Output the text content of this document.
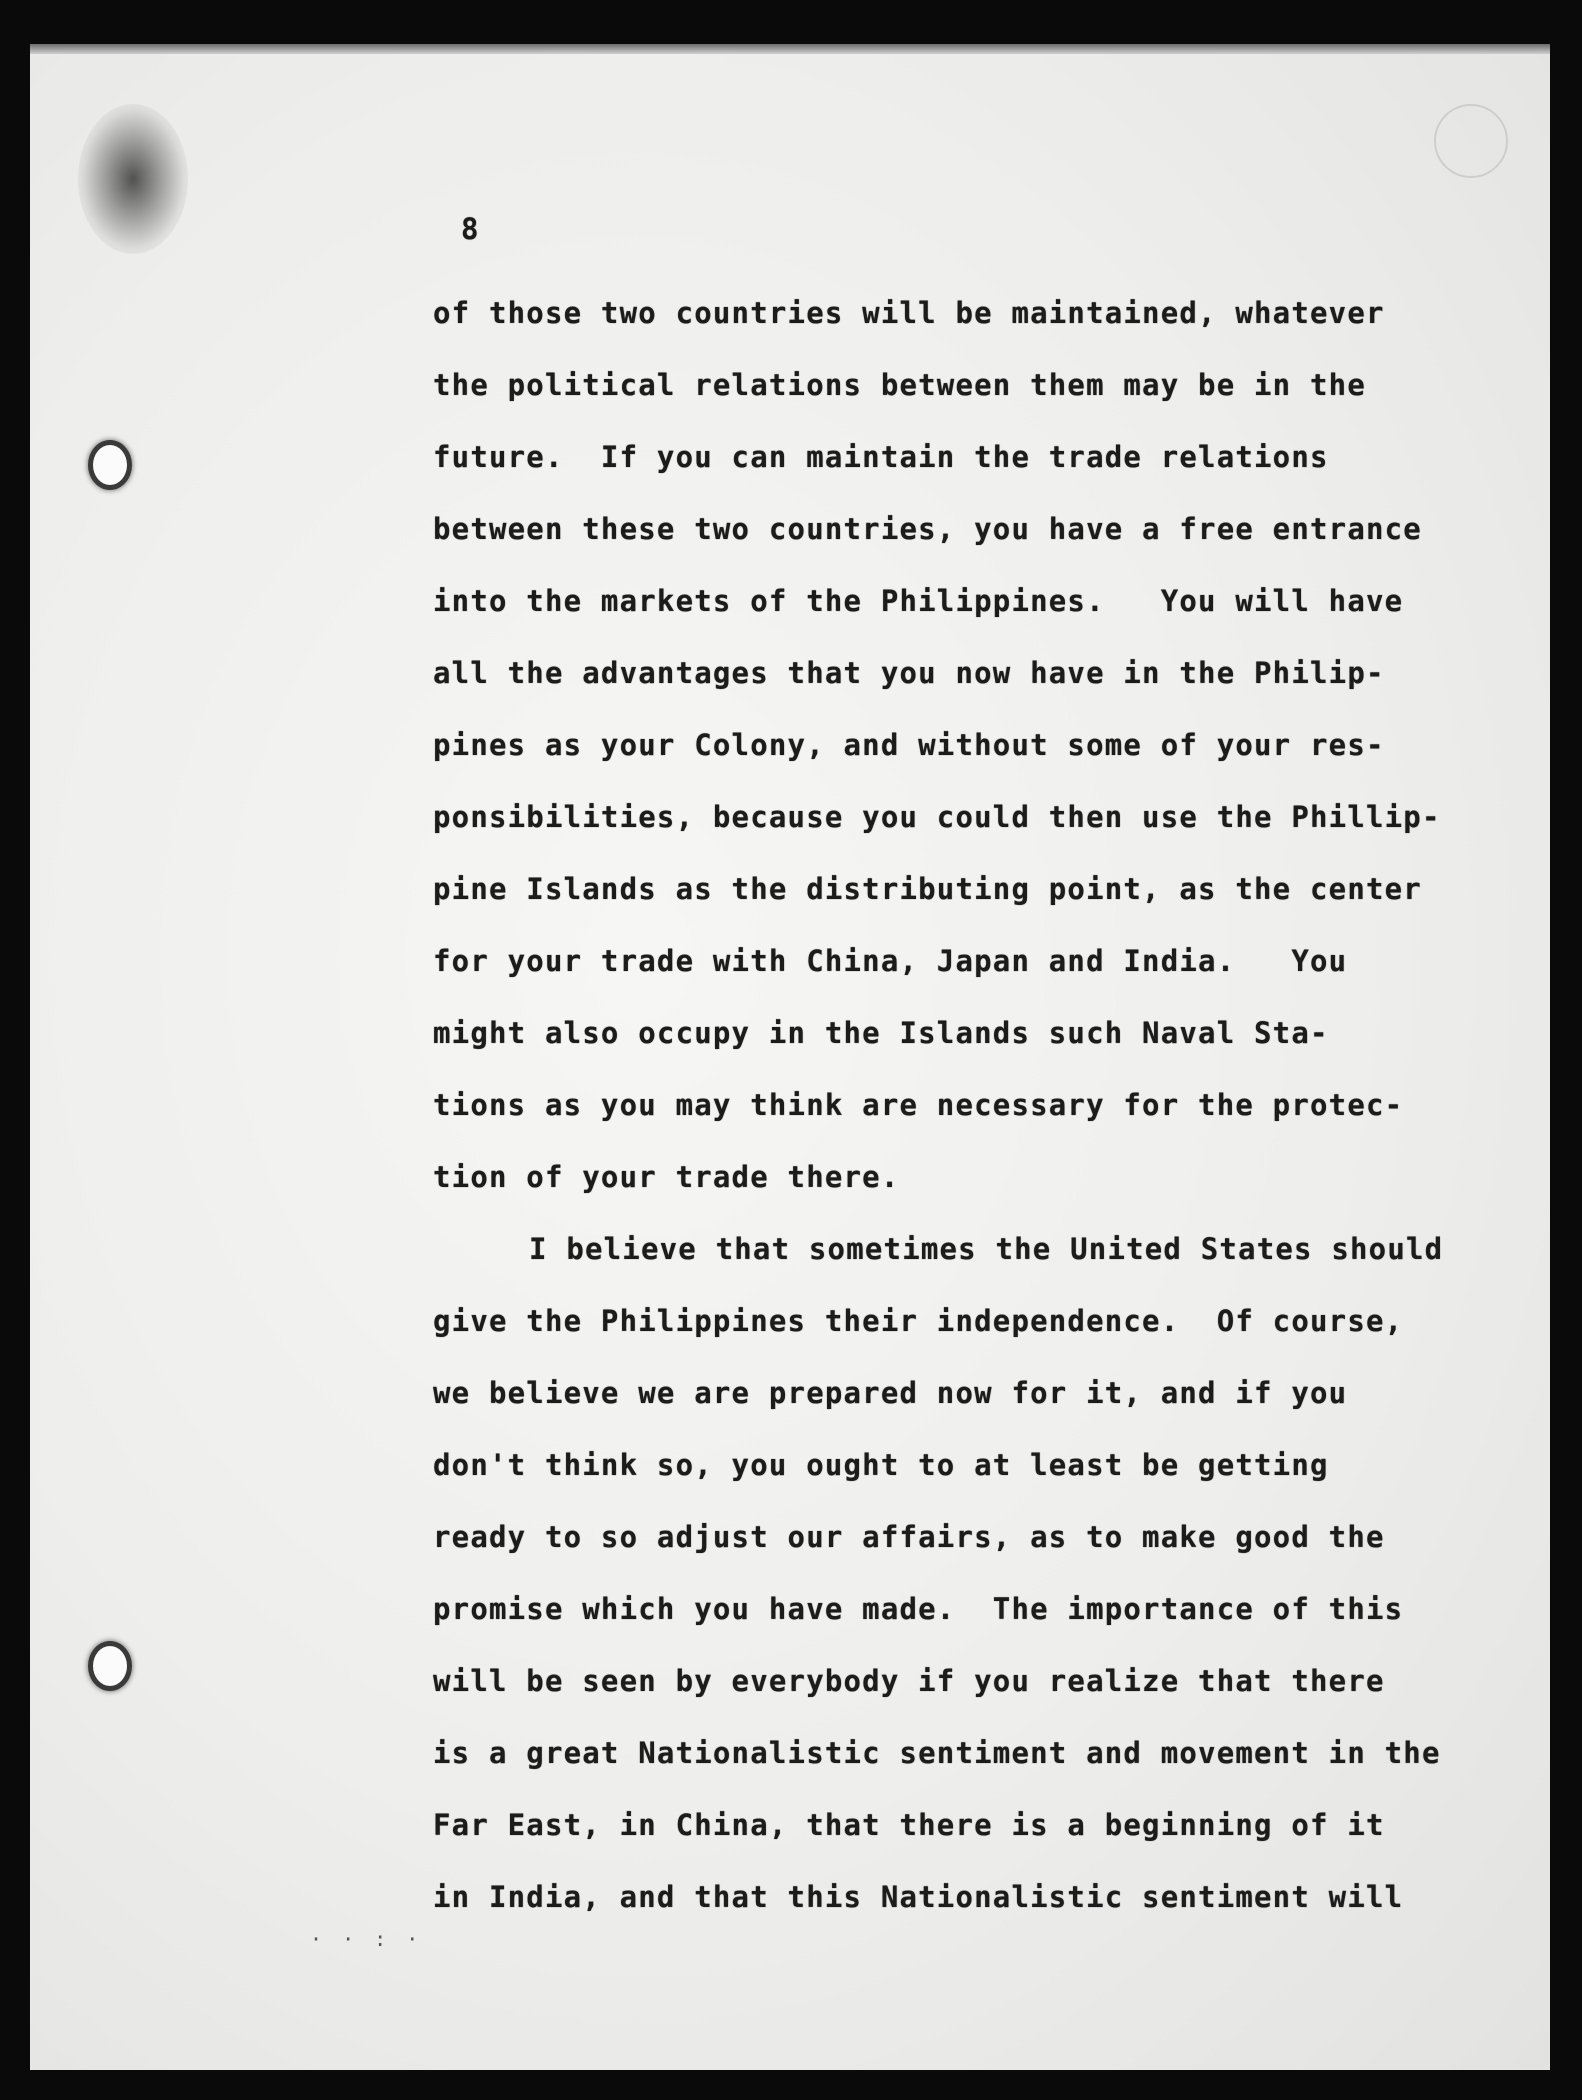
8
of those two countries will be maintained, whatever
the political relations between them may be in the
future.  If you can maintain the trade relations
between these two countries, you have a free entrance
into the markets of the Philippines.   You will have
all the advantages that you now have in the Philip-
pines as your Colony, and without some of your res-
ponsibilities, because you could then use the Phillip-
pine Islands as the distributing point, as the center
for your trade with China, Japan and India.   You
might also occupy in the Islands such Naval Sta-
tions as you may think are necessary for the protec-
tion of your trade there.
I believe that sometimes the United States should
give the Philippines their independence.  Of course,
we believe we are prepared now for it, and if you
don't think so, you ought to at least be getting
ready to so adjust our affairs, as to make good the
promise which you have made.  The importance of this
will be seen by everybody if you realize that there
is a great Nationalistic sentiment and movement in the
Far East, in China, that there is a beginning of it
in India, and that this Nationalistic sentiment will
· · : ·
